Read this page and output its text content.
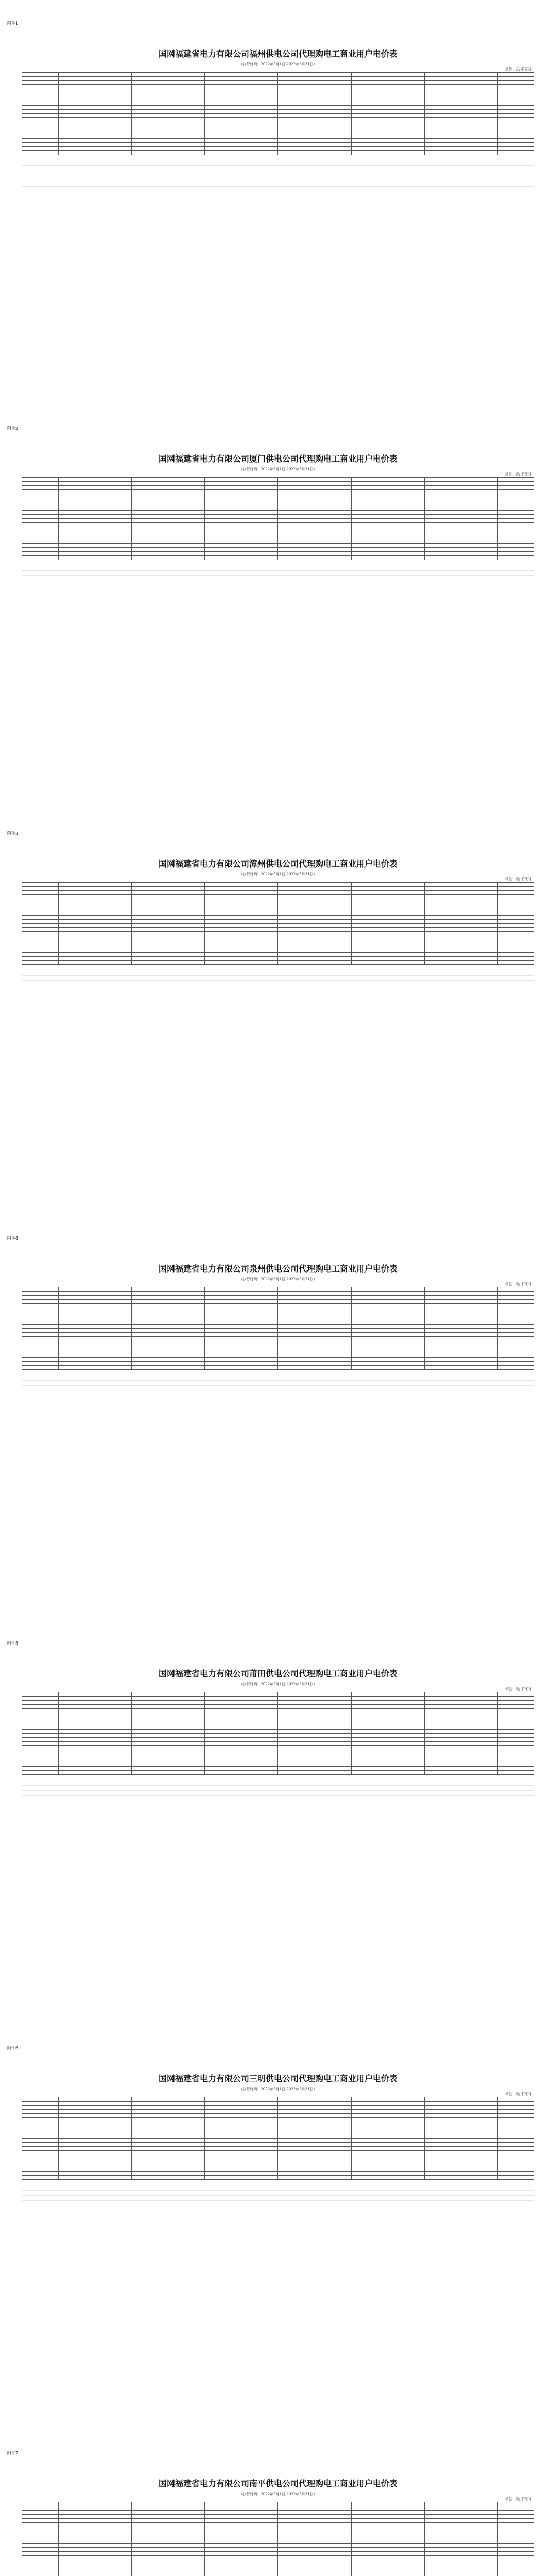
附件1
国网福建省电力有限公司福州供电公司代理购电工商业用户电价表
（执行时间：2022年5月1日-2022年5月31日）
单位：元/千瓦时

附件2
国网福建省电力有限公司厦门供电公司代理购电工商业用户电价表
（执行时间：2022年5月1日-2022年5月31日）
单位：元/千瓦时

附件3
国网福建省电力有限公司漳州供电公司代理购电工商业用户电价表
（执行时间：2022年5月1日-2022年5月31日）
单位：元/千瓦时

附件4
国网福建省电力有限公司泉州供电公司代理购电工商业用户电价表
（执行时间：2022年5月1日-2022年5月31日）
单位：元/千瓦时

附件5
国网福建省电力有限公司莆田供电公司代理购电工商业用户电价表
（执行时间：2022年5月1日-2022年5月31日）
单位：元/千瓦时

附件6
国网福建省电力有限公司三明供电公司代理购电工商业用户电价表
（执行时间：2022年5月1日-2022年5月31日）
单位：元/千瓦时

附件7
国网福建省电力有限公司南平供电公司代理购电工商业用户电价表
（执行时间：2022年5月1日-2022年5月31日）
单位：元/千瓦时
